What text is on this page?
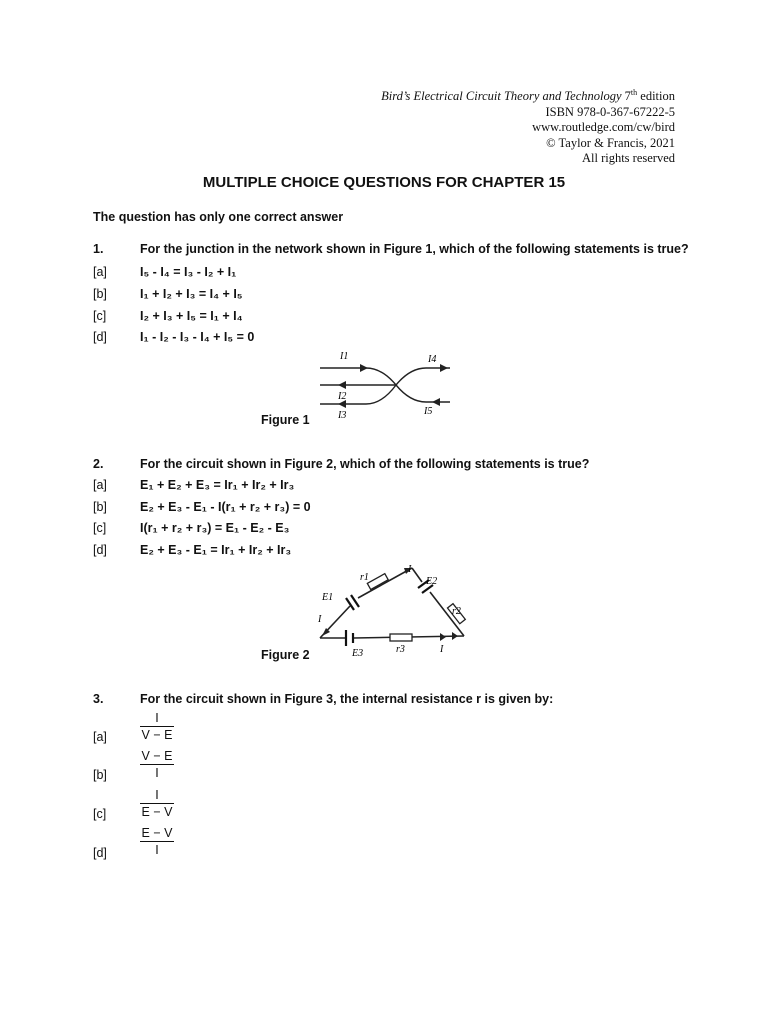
Bird’s Electrical Circuit Theory and Technology 7th edition
ISBN 978-0-367-67222-5
www.routledge.com/cw/bird
© Taylor & Francis, 2021
All rights reserved
MULTIPLE CHOICE QUESTIONS FOR CHAPTER 15
The question has only one correct answer
1.	For the junction in the network shown in Figure 1, which of the following statements is true?
[a]	I₅ - I₄ = I₃ - I₂ + I₁
[b]	I₁ + I₂ + I₃ = I₄ + I₅
[c]	I₂ + I₃ + I₅ = I₁ + I₄
[d]	I₁ - I₂ - I₃ - I₄ + I₅ = 0
I1
I2
I3
I4
I5
Figure 1
2.	For the circuit shown in Figure 2, which of the following statements is true?
[a]	E₁ + E₂ + E₃ = Ir₁ + Ir₂ + Ir₃
[b]	E₂ + E₃ - E₁ - I(r₁ + r₂ + r₃) = 0
[c]	I(r₁ + r₂ + r₃) = E₁ - E₂ - E₃
[d]	E₂ + E₃ - E₁ = Ir₁ + Ir₂ + Ir₃
E1
E2
E3
r1
r2
r3
I
I
I
Figure 2
3.	For the circuit shown in Figure 3, the internal resistance r is given by:
[a]	$\frac{I}{V - E}$
[b]	$\frac{V - E}{I}$
[c]	$\frac{I}{E - V}$
[d]	$\frac{E - V}{I}$
